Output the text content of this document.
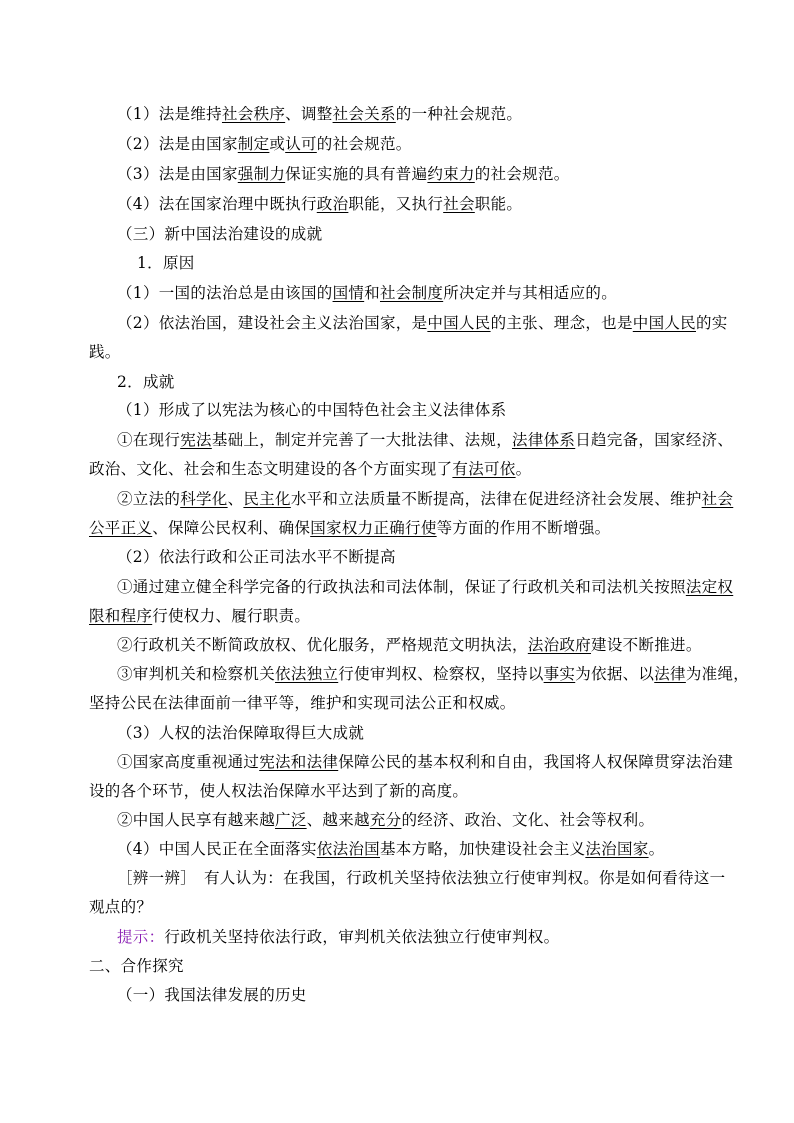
（1）法是维持社会秩序、调整社会关系的一种社会规范。
（2）法是由国家制定或认可的社会规范。
（3）法是由国家强制力保证实施的具有普遍约束力的社会规范。
（4）法在国家治理中既执行政治职能，又执行社会职能。
（三）新中国法治建设的成就
1．原因
（1）一国的法治总是由该国的国情和社会制度所决定并与其相适应的。
（2）依法治国，建设社会主义法治国家，是中国人民的主张、理念，也是中国人民的实
践。
2．成就
（1）形成了以宪法为核心的中国特色社会主义法律体系
①在现行宪法基础上，制定并完善了一大批法律、法规，法律体系日趋完备，国家经济、
政治、文化、社会和生态文明建设的各个方面实现了有法可依。
②立法的科学化、民主化水平和立法质量不断提高，法律在促进经济社会发展、维护社会
公平正义、保障公民权利、确保国家权力正确行使等方面的作用不断增强。
（2）依法行政和公正司法水平不断提高
①通过建立健全科学完备的行政执法和司法体制，保证了行政机关和司法机关按照法定权
限和程序行使权力、履行职责。
②行政机关不断简政放权、优化服务，严格规范文明执法，法治政府建设不断推进。
③审判机关和检察机关依法独立行使审判权、检察权，坚持以事实为依据、以法律为准绳，
坚持公民在法律面前一律平等，维护和实现司法公正和权威。
（3）人权的法治保障取得巨大成就
①国家高度重视通过宪法和法律保障公民的基本权利和自由，我国将人权保障贯穿法治建
设的各个环节，使人权法治保障水平达到了新的高度。
②中国人民享有越来越广泛、越来越充分的经济、政治、文化、社会等权利。
（4）中国人民正在全面落实依法治国基本方略，加快建设社会主义法治国家。
［辨一辨］　有人认为：在我国，行政机关坚持依法独立行使审判权。你是如何看待这一
观点的？
提示：行政机关坚持依法行政，审判机关依法独立行使审判权。
二、合作探究
（一）我国法律发展的历史
